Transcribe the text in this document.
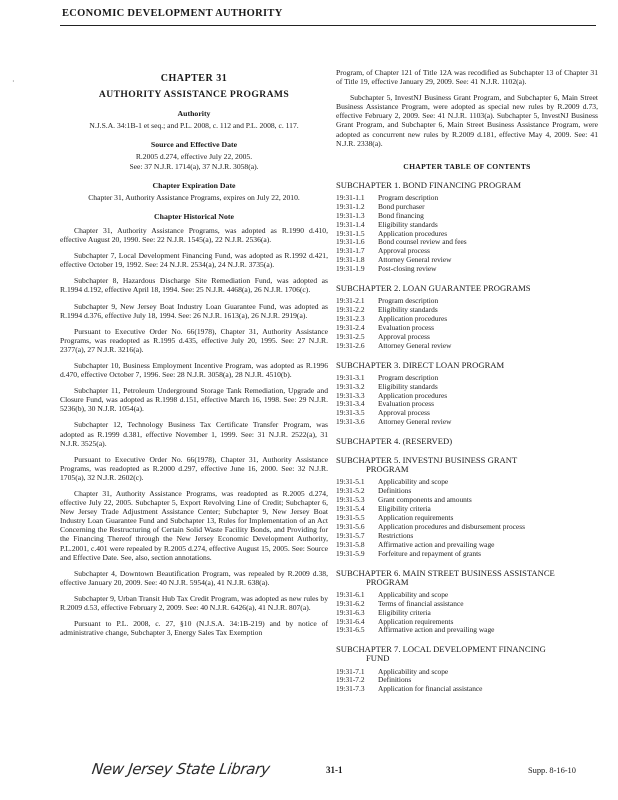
ECONOMIC DEVELOPMENT AUTHORITY
·	CHAPTER 31
AUTHORITY ASSISTANCE PROGRAMS
Authority
N.J.S.A. 34:1B-1 et seq.; and P.L. 2008, c. 112 and P.L. 2008, c. 117.
Source and Effective Date
R.2005 d.274, effective July 22, 2005.
See: 37 N.J.R. 1714(a), 37 N.J.R. 3058(a).
Chapter Expiration Date
Chapter 31, Authority Assistance Programs, expires on July 22, 2010.
Chapter Historical Note
Chapter 31, Authority Assistance Programs, was adopted as R.1990 d.410, effective August 20, 1990. See: 22 N.J.R. 1545(a), 22 N.J.R. 2536(a).
Subchapter 7, Local Development Financing Fund, was adopted as R.1992 d.421, effective October 19, 1992. See: 24 N.J.R. 2534(a), 24 N.J.R. 3735(a).
Subchapter 8, Hazardous Discharge Site Remediation Fund, was adopted as R.1994 d.192, effective April 18, 1994. See: 25 N.J.R. 4468(a), 26 N.J.R. 1706(c).
Subchapter 9, New Jersey Boat Industry Loan Guarantee Fund, was adopted as R.1994 d.376, effective July 18, 1994. See: 26 N.J.R. 1613(a), 26 N.J.R. 2919(a).
Pursuant to Executive Order No. 66(1978), Chapter 31, Authority Assistance Programs, was readopted as R.1995 d.435, effective July 20, 1995. See: 27 N.J.R. 2377(a), 27 N.J.R. 3216(a).
Subchapter 10, Business Employment Incentive Program, was adopted as R.1996 d.470, effective October 7, 1996. See: 28 N.J.R. 3058(a), 28 N.J.R. 4510(b).
Subchapter 11, Petroleum Underground Storage Tank Remediation, Upgrade and Closure Fund, was adopted as R.1998 d.151, effective March 16, 1998. See: 29 N.J.R. 5236(b), 30 N.J.R. 1054(a).
Subchapter 12, Technology Business Tax Certificate Transfer Program, was adopted as R.1999 d.381, effective November 1, 1999. See: 31 N.J.R. 2522(a), 31 N.J.R. 3525(a).
Pursuant to Executive Order No. 66(1978), Chapter 31, Authority Assistance Programs, was readopted as R.2000 d.297, effective June 16, 2000. See: 32 N.J.R. 1705(a), 32 N.J.R. 2602(c).
Chapter 31, Authority Assistance Programs, was readopted as R.2005 d.274, effective July 22, 2005. Subchapter 5, Export Revolving Line of Credit; Subchapter 6, New Jersey Trade Adjustment Assistance Center; Subchapter 9, New Jersey Boat Industry Loan Guarantee Fund and Subchapter 13, Rules for Implementation of an Act Concerning the Restructuring of Certain Solid Waste Facility Bonds, and Providing for the Financing Thereof through the New Jersey Economic Development Authority, P.L.2001, c.401 were repealed by R.2005 d.274, effective August 15, 2005. See: Source and Effective Date. See, also, section annotations.
Subchapter 4, Downtown Beautification Program, was repealed by R.2009 d.38, effective January 20, 2009. See: 40 N.J.R. 5954(a), 41 N.J.R. 638(a).
Subchapter 9, Urban Transit Hub Tax Credit Program, was adopted as new rules by R.2009 d.53, effective February 2, 2009. See: 40 N.J.R. 6426(a), 41 N.J.R. 807(a).
Pursuant to P.L. 2008, c. 27, §10 (N.J.S.A. 34:1B-219) and by notice of administrative change, Subchapter 3, Energy Sales Tax Exemption
Program, of Chapter 121 of Title 12A was recodified as Subchapter 13 of Chapter 31 of Title 19, effective January 29, 2009. See: 41 N.J.R. 1102(a).
Subchapter 5, InvestNJ Business Grant Program, and Subchapter 6, Main Street Business Assistance Program, were adopted as special new rules by R.2009 d.73, effective February 2, 2009. See: 41 N.J.R. 1103(a). Subchapter 5, InvestNJ Business Grant Program, and Subchapter 6, Main Street Business Assistance Program, were adopted as concurrent new rules by R.2009 d.181, effective May 4, 2009. See: 41 N.J.R. 2338(a).
CHAPTER TABLE OF CONTENTS
SUBCHAPTER 1. BOND FINANCING PROGRAM
19:31-1.1	Program description
19:31-1.2	Bond purchaser
19:31-1.3	Bond financing
19:31-1.4	Eligibility standards
19:31-1.5	Application procedures
19:31-1.6	Bond counsel review and fees
19:31-1.7	Approval process
19:31-1.8	Attorney General review
19:31-1.9	Post-closing review
SUBCHAPTER 2. LOAN GUARANTEE PROGRAMS
19:31-2.1	Program description
19:31-2.2	Eligibility standards
19:31-2.3	Application procedures
19:31-2.4	Evaluation process
19:31-2.5	Approval process
19:31-2.6	Attorney General review
SUBCHAPTER 3. DIRECT LOAN PROGRAM
19:31-3.1	Program description
19:31-3.2	Eligibility standards
19:31-3.3	Application procedures
19:31-3.4	Evaluation process
19:31-3.5	Approval process
19:31-3.6	Attorney General review
SUBCHAPTER 4. (RESERVED)
SUBCHAPTER 5. INVESTNJ BUSINESS GRANT
PROGRAM
19:31-5.1	Applicability and scope
19:31-5.2	Definitions
19:31-5.3	Grant components and amounts
19:31-5.4	Eligibility criteria
19:31-5.5	Application requirements
19:31-5.6	Application procedures and disbursement process
19:31-5.7	Restrictions
19:31-5.8	Affirmative action and prevailing wage
19:31-5.9	Forfeiture and repayment of grants
SUBCHAPTER 6. MAIN STREET BUSINESS ASSISTANCE
PROGRAM
19:31-6.1	Applicability and scope
19:31-6.2	Terms of financial assistance
19:31-6.3	Eligibility criteria
19:31-6.4	Application requirements
19:31-6.5	Affirmative action and prevailing wage
SUBCHAPTER 7. LOCAL DEVELOPMENT FINANCING
FUND
19:31-7.1	Applicability and scope
19:31-7.2	Definitions
19:31-7.3	Application for financial assistance
New Jersey State Library	31-1	Supp. 8-16-10
